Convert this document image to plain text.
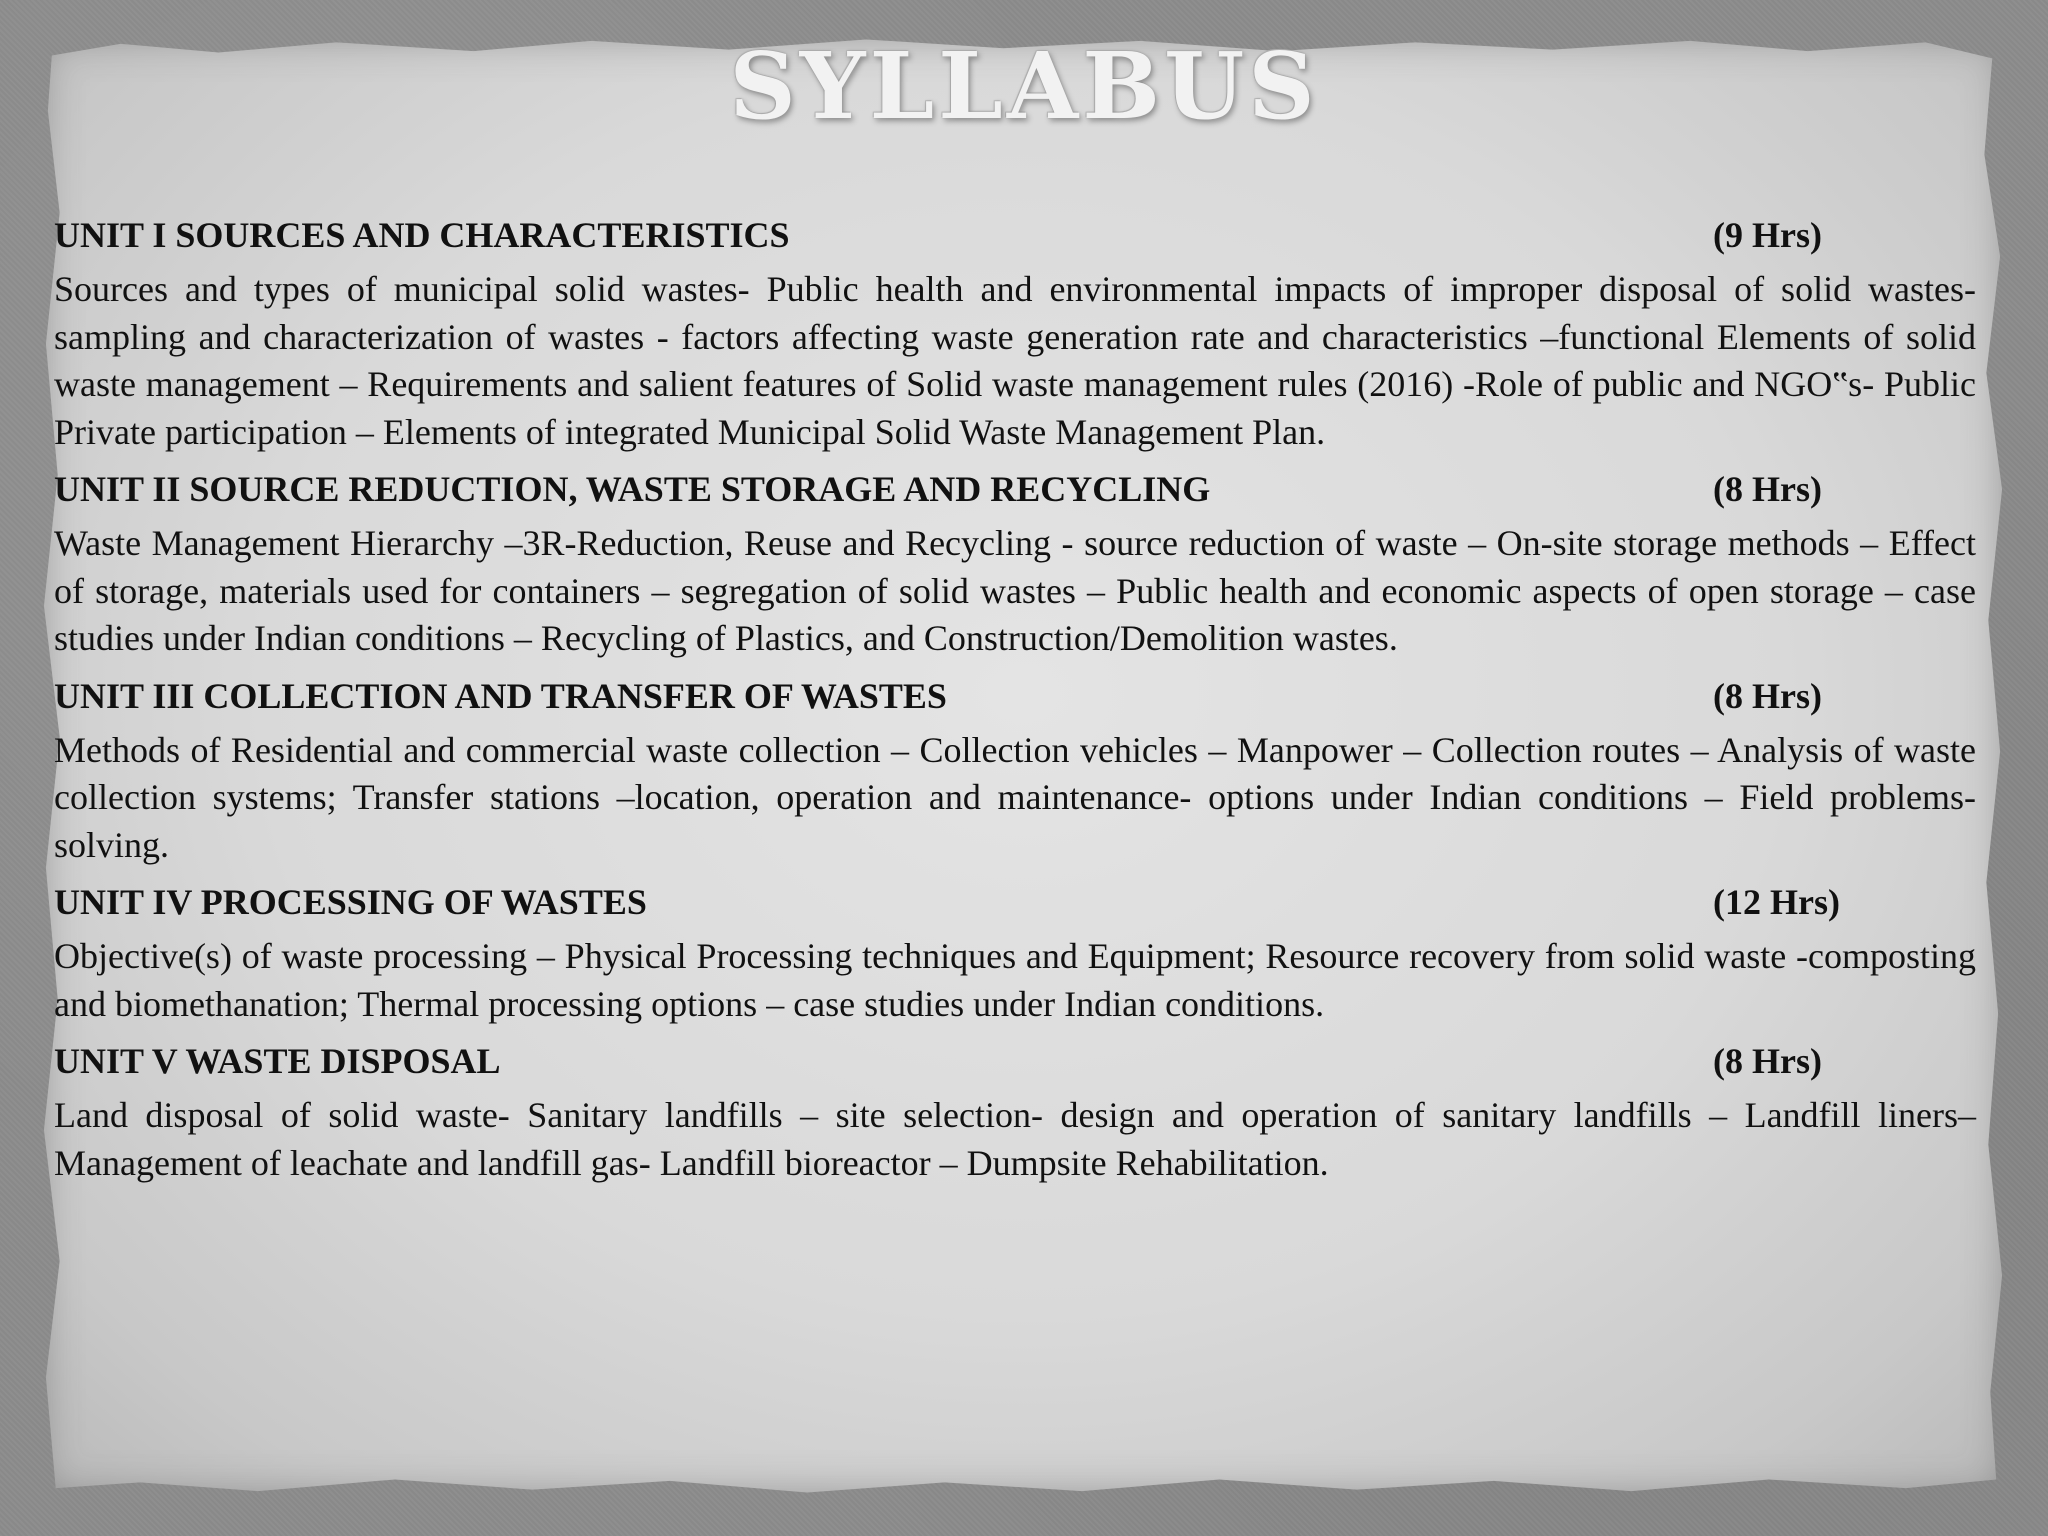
SYLLABUS
UNIT I SOURCES AND CHARACTERISTICS	(9 Hrs)

Sources and types of municipal solid wastes- Public health and environmental impacts of improper disposal of solid wastes- sampling and characterization of wastes - factors affecting waste generation rate and characteristics –functional Elements of solid waste management – Requirements and salient features of Solid waste management rules (2016) -Role of public and NGO‟s- Public Private participation – Elements of integrated Municipal Solid Waste Management Plan.

UNIT II SOURCE REDUCTION, WASTE STORAGE AND RECYCLING	(8 Hrs)

Waste Management Hierarchy –3R-Reduction, Reuse and Recycling - source reduction of waste – On-site storage methods – Effect of storage, materials used for containers – segregation of solid wastes – Public health and economic aspects of open storage – case studies under Indian conditions – Recycling of Plastics, and Construction/Demolition wastes.

UNIT III COLLECTION AND TRANSFER OF WASTES	(8 Hrs)

Methods of Residential and commercial waste collection – Collection vehicles – Manpower – Collection routes – Analysis of waste collection systems; Transfer stations –location, operation and maintenance- options under Indian conditions – Field problems- solving.

UNIT IV PROCESSING OF WASTES	(12 Hrs)

Objective(s) of waste processing – Physical Processing techniques and Equipment; Resource recovery from solid waste -composting and biomethanation; Thermal processing options – case studies under Indian conditions.

UNIT V WASTE DISPOSAL	(8 Hrs)

Land disposal of solid waste- Sanitary landfills – site selection- design and operation of sanitary landfills – Landfill liners– Management of leachate and landfill gas- Landfill bioreactor – Dumpsite Rehabilitation.
